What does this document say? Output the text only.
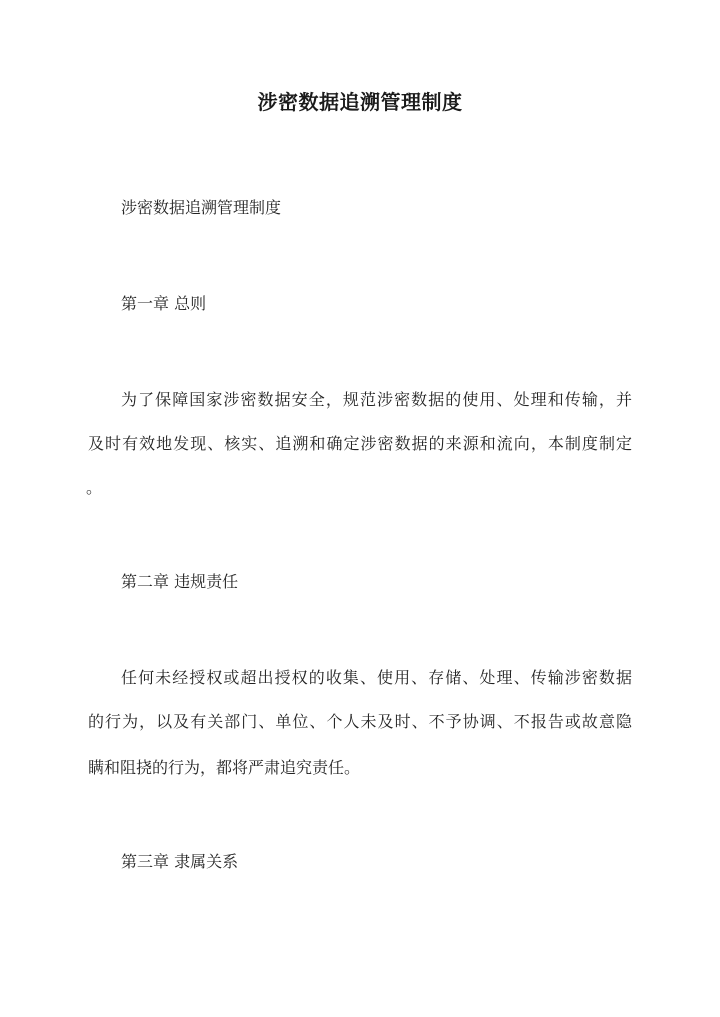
涉密数据追溯管理制度

涉密数据追溯管理制度

第一章 总则

为了保障国家涉密数据安全，规范涉密数据的使用、处理和传输，并

及时有效地发现、核实、追溯和确定涉密数据的来源和流向，本制度制定

。

第二章 违规责任

任何未经授权或超出授权的收集、使用、存储、处理、传输涉密数据

的行为，以及有关部门、单位、个人未及时、不予协调、不报告或故意隐

瞒和阻挠的行为，都将严肃追究责任。

第三章 隶属关系
